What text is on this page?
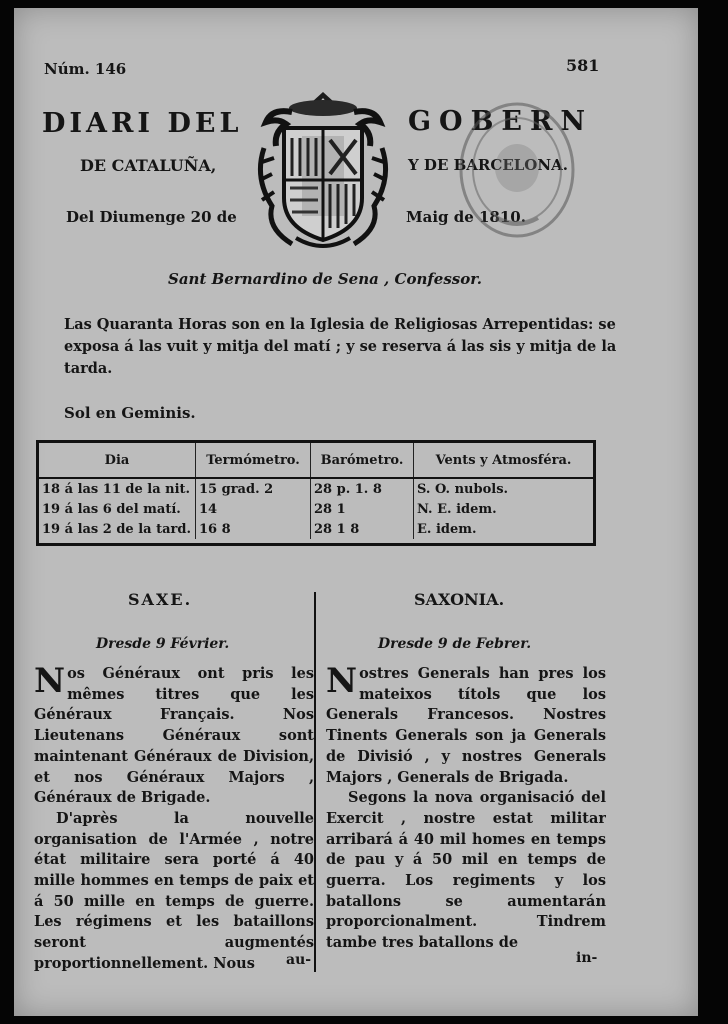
Núm. 146	581
DIARI DEL	GOBERN
DE CATALUÑA,	Y DE BARCELONA.
Del Diumenge 20 de	Maig de 1810.
Sant Bernardino de Sena , Confessor.
Las Quaranta Horas son en la Iglesia de Religiosas Arrepentidas: se exposa á las vuit y mitja del matí ; y se reserva á las sis y mitja de la tarda.
Sol en Geminis.
Dia	Termómetro.	Barómetro.	Vents y Atmosféra.
18 á las 11 de la nit.	15 grad. 2	28 p. 1. 8	S. O. nubols.
19 á las 6 del matí.	14	28 1	N. E. idem.
19 á las 2 de la tard.	16 8	28 1 8	E. idem.
SAXE.	SAXONIA.
Dresde 9 Février.	Dresde 9 de Febrer.

Nos Généraux ont pris les mêmes titres que les Généraux Français. Nos Lieutenans Généraux sont maintenant Généraux de Division, et nos Généraux Majors , Généraux de Brigade.

D'après la nouvelle organisation de l'Armée , notre état militaire sera porté á 40 mille hommes en temps de paix et á 50 mille en temps de guerre. Les régimens et les bataillons seront augmentés proportionnellement. Nous

Nostres Generals han pres los mateixos títols que los Generals Francesos. Nostres Tinents Generals son ja Generals de Divisió , y nostres Generals Majors , Generals de Brigada.

Segons la nova organisació del Exercit , nostre estat militar arribará á 40 mil homes en temps de pau y á 50 mil en temps de guerra. Los regiments y los batallons se aumentarán proporcionalment. Tindrem tambe tres batallons de

au-	in-
